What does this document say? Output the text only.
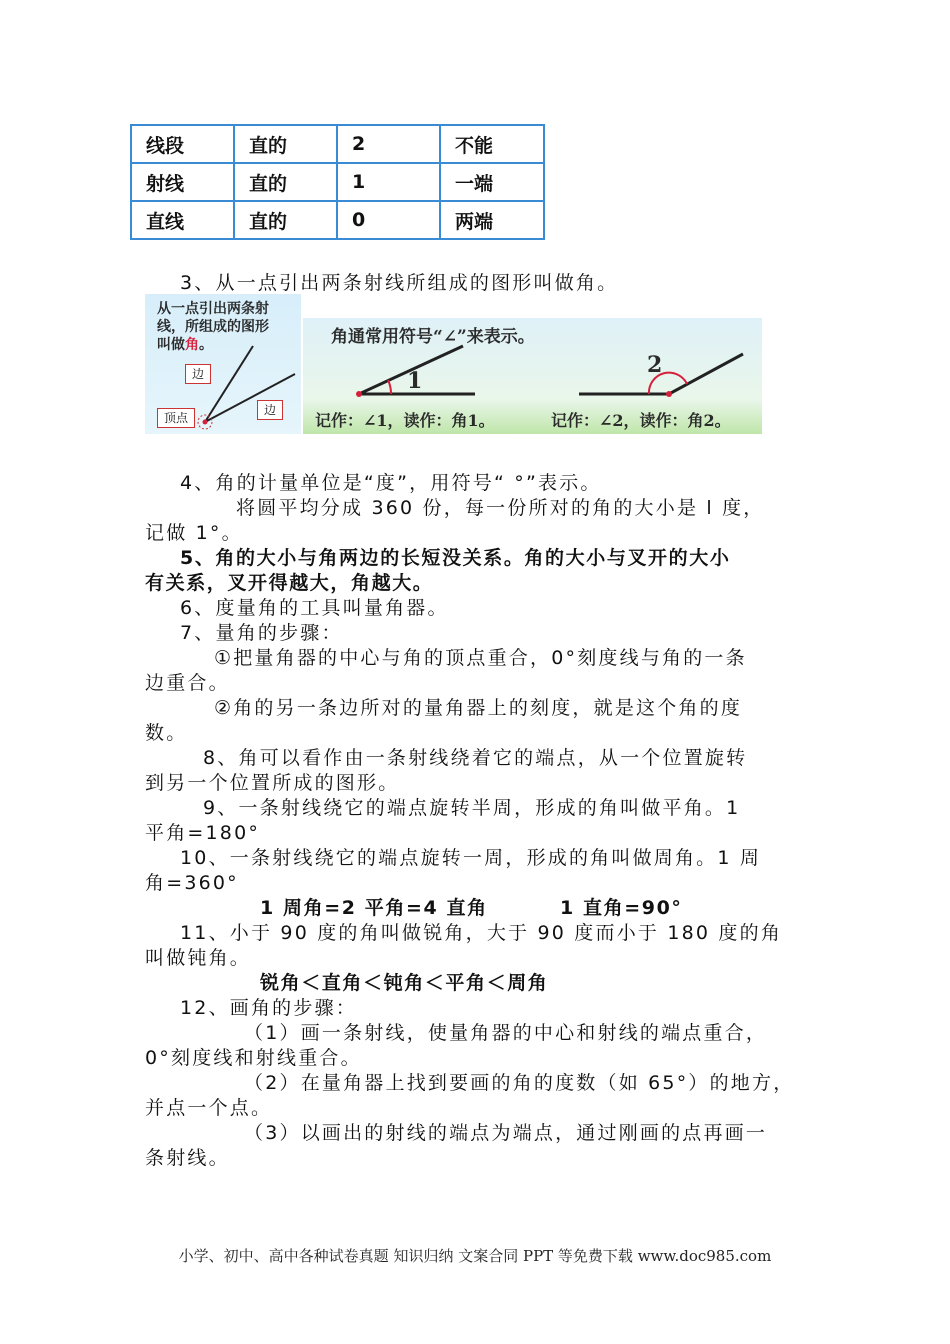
线段	直的	2	不能
射线	直的	1	一端
直线	直的	0	两端
3、从一点引出两条射线所组成的图形叫做角。
从一点引出两条射
线，所组成的图形
叫做角。
边
边
顶点
角通常用符号“∠”来表示。
1
2
记作：∠1，读作：角1。	记作：∠2，读作：角2。
4、角的计量单位是“度”，用符号“ °”表示。
将圆平均分成 360 份，每一份所对的角的大小是 l 度，
记做 1°。
5、角的大小与角两边的长短没关系。角的大小与叉开的大小
有关系，叉开得越大，角越大。
6、度量角的工具叫量角器。
7、量角的步骤：
①把量角器的中心与角的顶点重合，0°刻度线与角的一条
边重合。
②角的另一条边所对的量角器上的刻度，就是这个角的度
数。
8、角可以看作由一条射线绕着它的端点，从一个位置旋转
到另一个位置所成的图形。
9、一条射线绕它的端点旋转半周，形成的角叫做平角。1
平角=180°
10、一条射线绕它的端点旋转一周，形成的角叫做周角。1 周
角=360°
1 周角=2 平角=4 直角	1 直角=90°
11、小于 90 度的角叫做锐角，大于 90 度而小于 180 度的角
叫做钝角。
锐角＜直角＜钝角＜平角＜周角
12、画角的步骤：
（1）画一条射线，使量角器的中心和射线的端点重合，
0°刻度线和射线重合。
（2）在量角器上找到要画的角的度数（如 65°）的地方，
并点一个点。
（3）以画出的射线的端点为端点，通过刚画的点再画一
条射线。
小学、初中、高中各种试卷真题 知识归纳 文案合同 PPT 等免费下载 www.doc985.com
